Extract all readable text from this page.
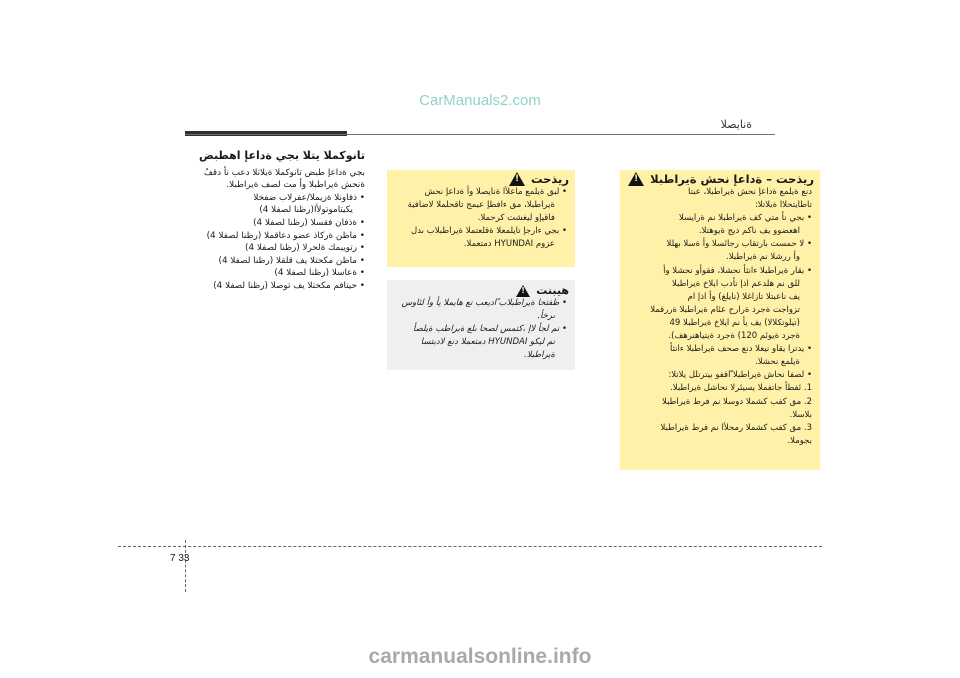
CarManuals2.com
ةنايصلا
ريذحت – ةداعإ نحش ةيراطبلا
!

دنع ةيلمع ةداعإ نحش ةيراطبلا، عبتا

تاطايتحلاا ةيلاتلا:

• بجي نأ متي كف ةيراطبلا نم ةرايسلا

اهعضوو يف ناكم ديج ةيوهتلا.

• لا حمست بارتقاب رجائسلا وأ ةسلا بهللا

وأ ررشلا نم ةيراطبلا.

• بقار ةيراطبلا ءانثأ نحشلا، فقوأو نحشلا وأ

للق نم هلدعم اذإ تأدب ايلاخ ةيراطبلا

يف ناعبتلا تازاغلا (نايلغ) وأ اذإ ام

تزواجت ةجرد ةرارح عئام ةيراطبلا ةررقملا

(تيلوتكلالا) يف يأ نم ايلاخ ةيراطبلا 49

ةجرد ةيوئم 120) ةجرد ةيتياهنرهف).

• يدترا يقاو نيعلا دنع صحف ةيراطبلا ءانثأ

ةيلمع نحشلا.

• لصفا نحاش ةيراطبلا ًاقفو بيترتلل يلاتلا:

1. ئفطأ جاتفملا يسيئرلا نحاشل ةيراطبلا.

2. مق كفب كشملا دوسلا نم فرط ةيراطبلا

بلاسلا.

3. مق كفب كشملا رمحلأا نم فرط ةيراطبلا

بجوملا.

ريذحت
!

• لبق ةيلمع ماعلأا ةنايصلا وأ ةداعإ نحش

ةيراطبلا، مق ءافطإ عيمج تاقحلملا لاضافية

فاقيإو ليغشت كرحملا.

• بجي ءارجإ تايلمعلا ةقلعتملا ةيراطبلاب ىدل

عزوم HYUNDAI دمتعملا.

هيبنت
!

• ظفتحا ةيراطبلاب ًاديعب نع هايملا يأ وأ لئاوس

ىرخأ.

• نم لجأ لاإ ،كتمس لصحا ىلع ةيراطب ةيلصأ

نم ليكو HYUNDAI دمتعملا دنع لادبتسا

ةيراطبلا.

تانوكملا يتلا بجي ةداعإ اهطبض

بجي ةداعإ طبض تانوكملا ةيلاتلا دعب نأ دقفُ

ةنحش ةيراطبلا وأ مت لصف ةيراطبلا.

• ذفاونلا ةزيملا/عفرلاب ضفخلا

يكيتاموتولأا(رظنا لصفلا 4)

• ةذفان فقسلا (رظنا لصفلا 4)

• ماظن ةركاذ عضو دعاقملا (رظنا لصفلا 4)

• رتويبمك ةلحرلا (رظنا لصفلا 4)

• ماظن مكحتلا يف قلقلا (رظنا لصفلا 4)

• ةعاسلا (رظنا لصفلا 4)

• حيتافم مكحتلا يف توصلا (رظنا لصفلا 4)

7 33
carmanualsonline.info
